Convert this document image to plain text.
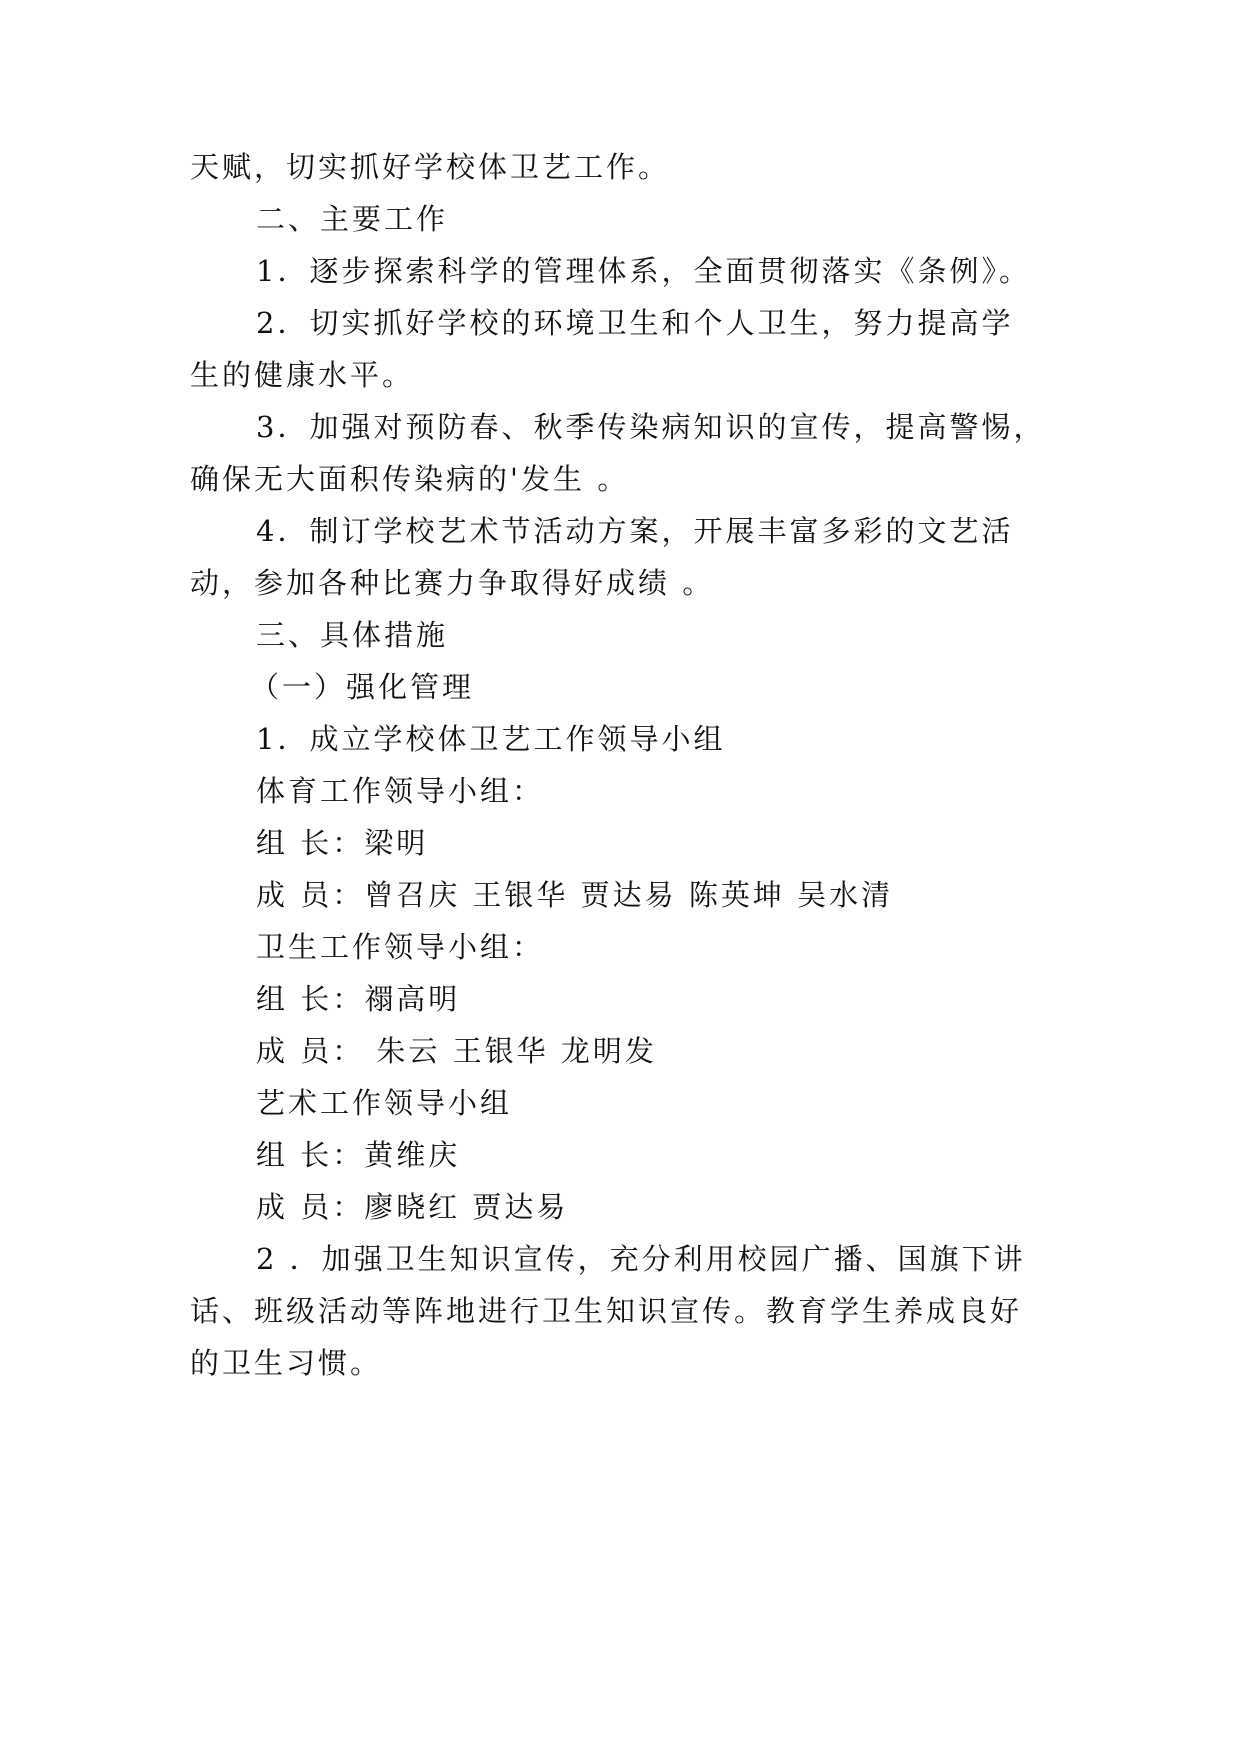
天赋，切实抓好学校体卫艺工作。
二、主要工作
1．逐步探索科学的管理体系，全面贯彻落实《条例》。
2．切实抓好学校的环境卫生和个人卫生，努力提高学
生的健康水平。
3．加强对预防春、秋季传染病知识的宣传，提高警惕，
确保无大面积传染病的'发生 。
4．制订学校艺术节活动方案，开展丰富多彩的文艺活
动，参加各种比赛力争取得好成绩 。
三、具体措施
（一）强化管理
1．成立学校体卫艺工作领导小组
体育工作领导小组：
组 长：梁明
成 员：曾召庆 王银华 贾达易 陈英坤 吴水清
卫生工作领导小组：
组 长：禤高明
成 员： 朱云 王银华 龙明发
艺术工作领导小组
组 长：黄维庆
成 员：廖晓红 贾达易
2 ．加强卫生知识宣传，充分利用校园广播、国旗下讲
话、班级活动等阵地进行卫生知识宣传。教育学生养成良好
的卫生习惯。
